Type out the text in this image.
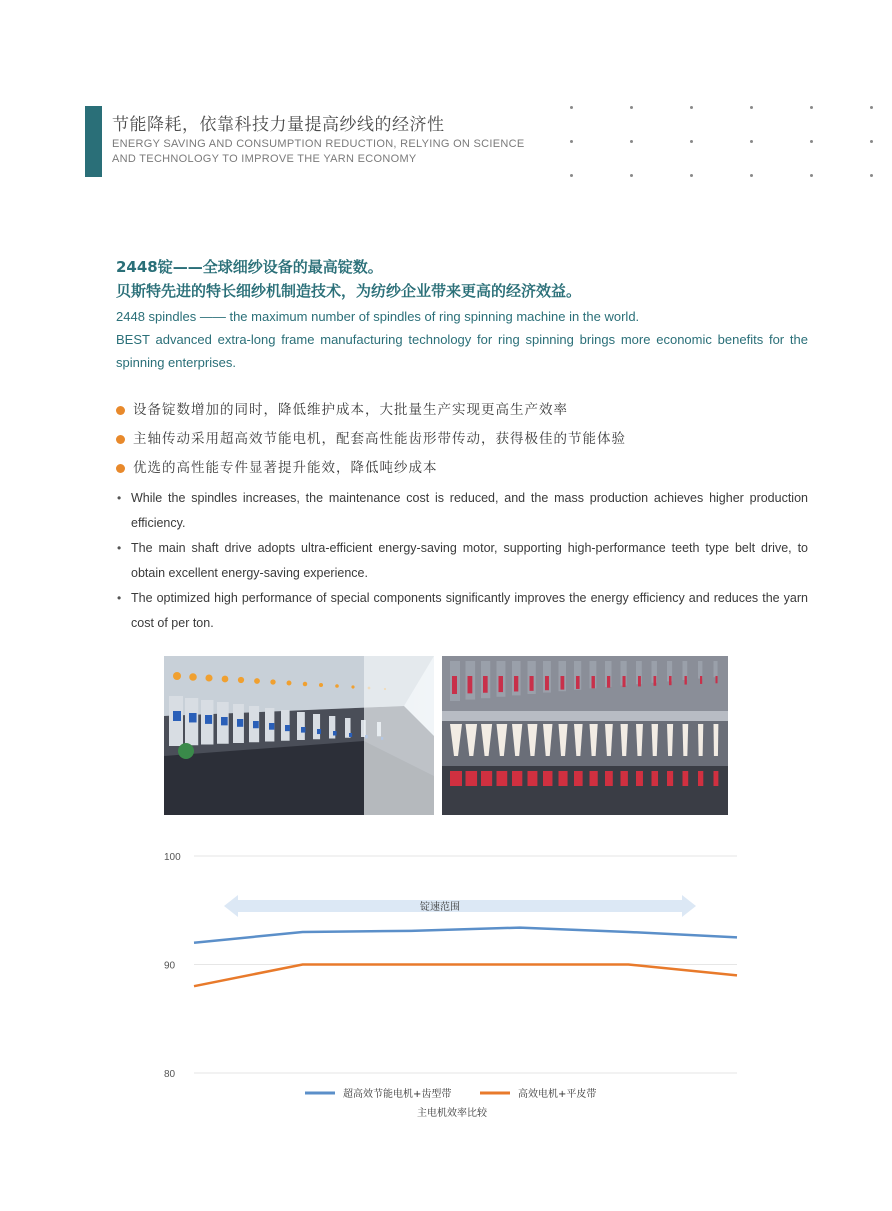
节能降耗，依靠科技力量提高纱线的经济性
ENERGY SAVING AND CONSUMPTION REDUCTION, RELYING ON SCIENCE
AND TECHNOLOGY TO IMPROVE THE YARN ECONOMY
2448锭——全球细纱设备的最高锭数。
贝斯特先进的特长细纱机制造技术，为纺纱企业带来更高的经济效益。
2448 spindles —— the maximum number of spindles of ring spinning machine in the world.
BEST advanced extra-long frame manufacturing technology for ring spinning brings more economic benefits for the spinning enterprises.
设备锭数增加的同时，降低维护成本，大批量生产实现更高生产效率
主轴传动采用超高效节能电机，配套高性能齿形带传动，获得极佳的节能体验
优选的高性能专件显著提升能效，降低吨纱成本
• While the spindles increases, the maintenance cost is reduced, and the mass production achieves higher production efficiency.
• The main shaft drive adopts ultra-efficient energy-saving motor, supporting high-performance teeth type belt drive, to obtain excellent energy-saving experience.
• The optimized high performance of special components significantly improves the energy efficiency and reduces the yarn cost of per ton.
100
90
80
锭速范围
超高效节能电机+齿型带	高效电机+平皮带
主电机效率比较
